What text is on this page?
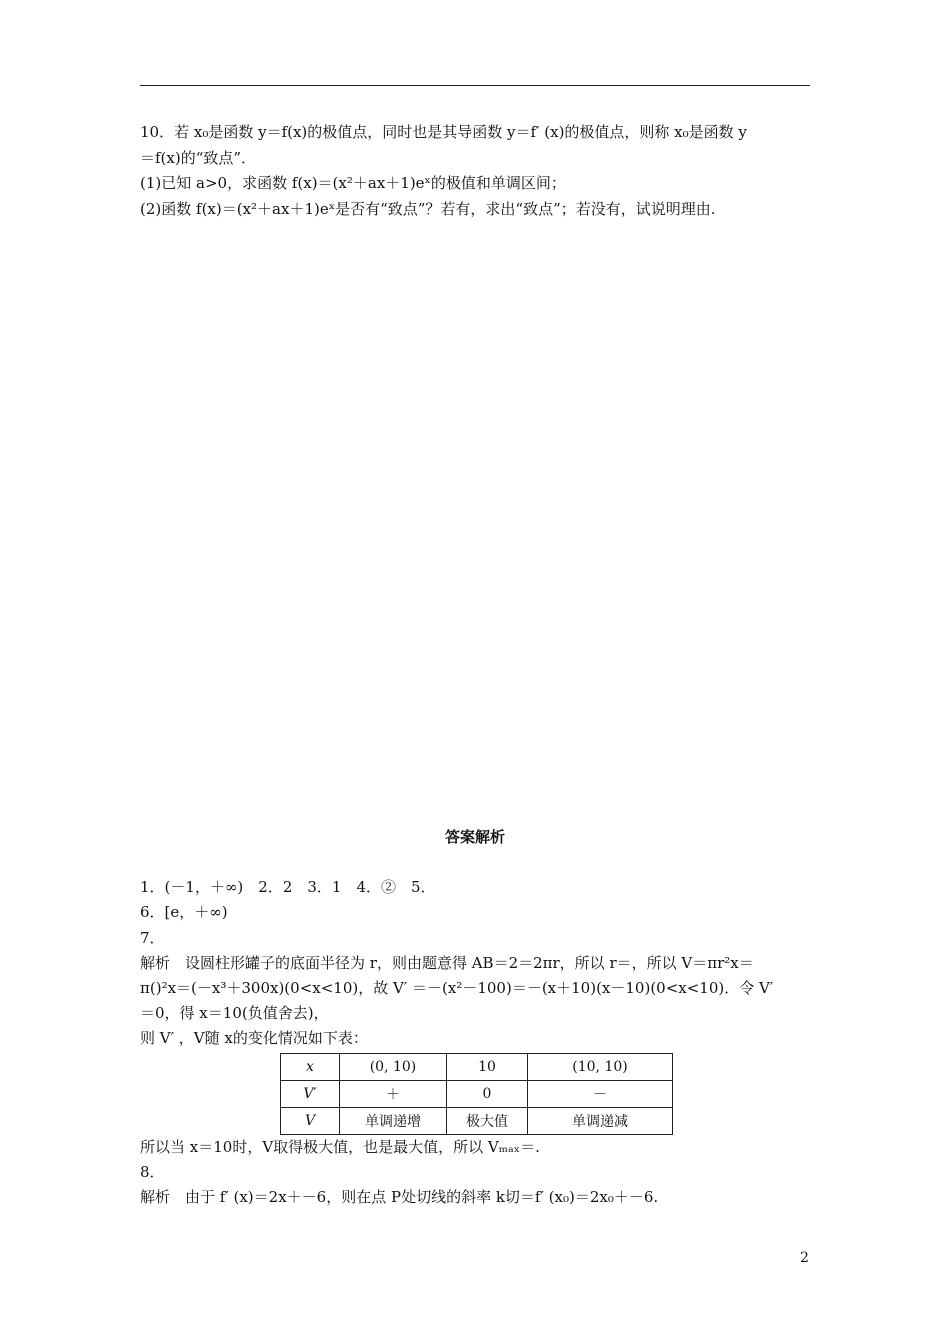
10．若 x₀是函数 y＝f(x)的极值点，同时也是其导函数 y＝f′ (x)的极值点，则称 x₀是函数 y
＝f(x)的“致点”．
(1)已知 a>0，求函数 f(x)＝(x²＋ax＋1)eˣ的极值和单调区间；
(2)函数 f(x)＝(x²＋ax＋1)eˣ是否有“致点”？若有，求出“致点”；若没有，试说明理由.
答案解析
1．(－1，＋∞)　2．2　3．1　4．②　5．
6．[e，＋∞)
7．
解析　设圆柱形罐子的底面半径为 r，则由题意得 AB＝2＝2πr，所以 r＝，所以 V＝πr²x＝
π()²x＝(－x³＋300x)(0<x<10)，故 V′ ＝－(x²－100)＝－(x＋10)(x－10)(0<x<10)．令 V′
＝0，得 x＝10(负值舍去)，
则 V′ ，V随 x的变化情况如下表：
x	(0, 10)	10	(10, 10)
V′	＋	0	－
V	单调递增	极大值	单调递减
所以当 x＝10时，V取得极大值，也是最大值，所以 Vₘₐₓ＝.
8．
解析　由于 f′ (x)＝2x＋－6，则在点 P处切线的斜率 k切＝f′ (x₀)＝2x₀＋－6.
2
